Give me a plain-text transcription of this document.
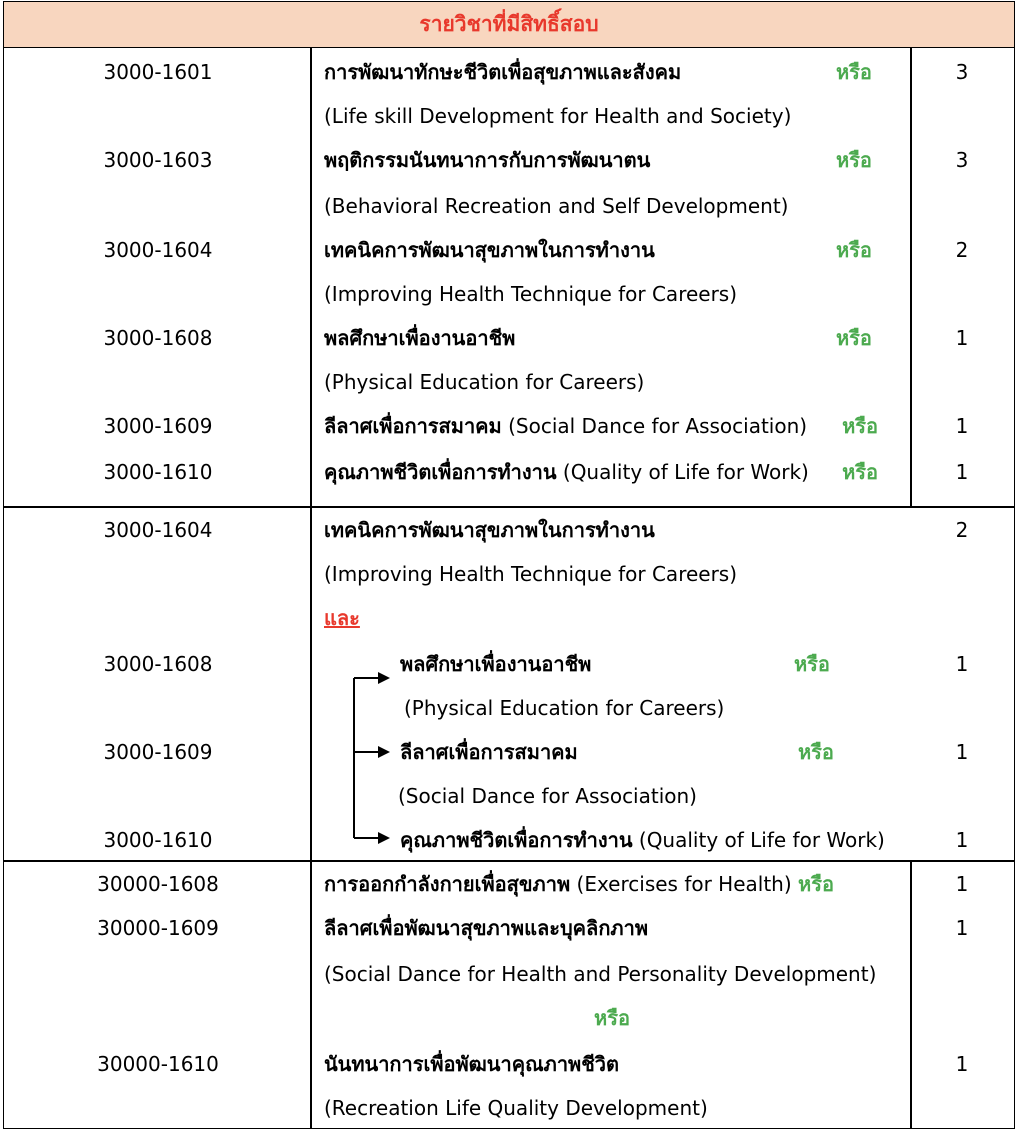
รายวิชาที่มีสิทธิ์สอบ
3000-1601	การพัฒนาทักษะชีวิตเพื่อสุขภาพและสังคม	หรือ	3
(Life skill Development for Health and Society)
3000-1603	พฤติกรรมนันทนาการกับการพัฒนาตน	หรือ	3
(Behavioral Recreation and Self Development)
3000-1604	เทคนิคการพัฒนาสุขภาพในการทำงาน	หรือ	2
(Improving Health Technique for Careers)
3000-1608	พลศึกษาเพื่องานอาชีพ	หรือ	1
(Physical Education for Careers)
3000-1609	ลีลาศเพื่อการสมาคม (Social Dance for Association) หรือ	1
3000-1610	คุณภาพชีวิตเพื่อการทำงาน (Quality of Life for Work) หรือ	1
3000-1604	เทคนิคการพัฒนาสุขภาพในการทำงาน	2
(Improving Health Technique for Careers)
และ
3000-1608	พลศึกษาเพื่องานอาชีพ	หรือ	1
(Physical Education for Careers)
3000-1609	ลีลาศเพื่อการสมาคม	หรือ	1
(Social Dance for Association)
3000-1610	คุณภาพชีวิตเพื่อการทำงาน (Quality of Life for Work)	1
30000-1608	การออกกำลังกายเพื่อสุขภาพ (Exercises for Health) หรือ	1
30000-1609	ลีลาศเพื่อพัฒนาสุขภาพและบุคลิกภาพ	1
(Social Dance for Health and Personality Development)
หรือ
30000-1610	นันทนาการเพื่อพัฒนาคุณภาพชีวิต	1
(Recreation Life Quality Development)
